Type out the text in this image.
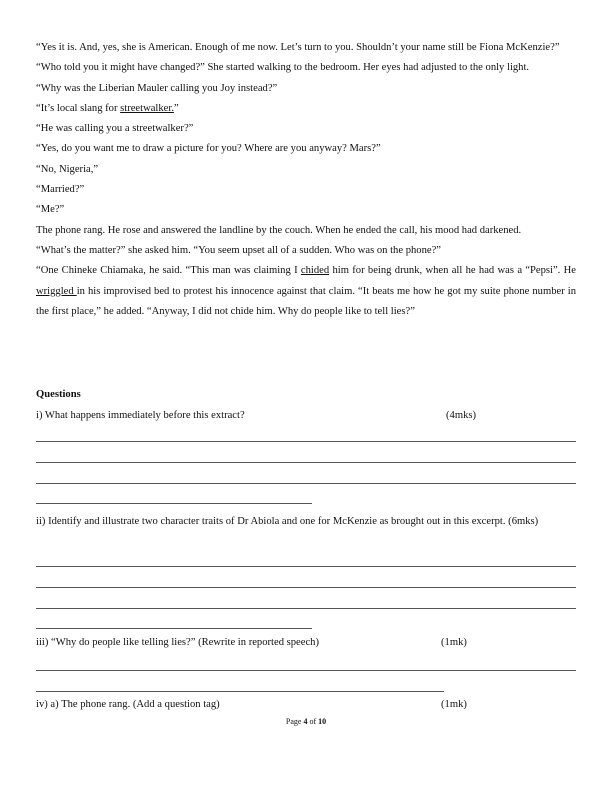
“Yes it is. And, yes, she is American. Enough of me now. Let’s turn to you. Shouldn’t your name still be Fiona McKenzie?”

“Who told you it might have changed?” She started walking to the bedroom. Her eyes had adjusted to the only light.

“Why was the Liberian Mauler calling you Joy instead?”

“It’s local slang for streetwalker.”

“He was calling you a streetwalker?”

“Yes, do you want me to draw a picture for you? Where are you anyway? Mars?”

“No, Nigeria,”

“Married?”

“Me?”

The phone rang. He rose and answered the landline by the couch. When he ended the call, his mood had darkened.

“What’s the matter?” she asked him. “You seem upset all of a sudden. Who was on the phone?”

“One Chineke Chiamaka, he said. “This man was claiming I chided him for being drunk, when all he had was a “Pepsi”. He wriggled in his improvised bed to protest his innocence against that claim. “It beats me how he got my suite phone number in the first place,” he added. “Anyway, I did not chide him. Why do people like to tell lies?”

Questions
i) What happens immediately before this extract?	(4mks)
ii) Identify and illustrate two character traits of Dr Abiola and one for McKenzie as brought out in this excerpt. (6mks)
iii) “Why do people like telling lies?” (Rewrite in reported speech)	(1mk)
iv) a) The phone rang. (Add a question tag)	(1mk)
Page 4 of 10
